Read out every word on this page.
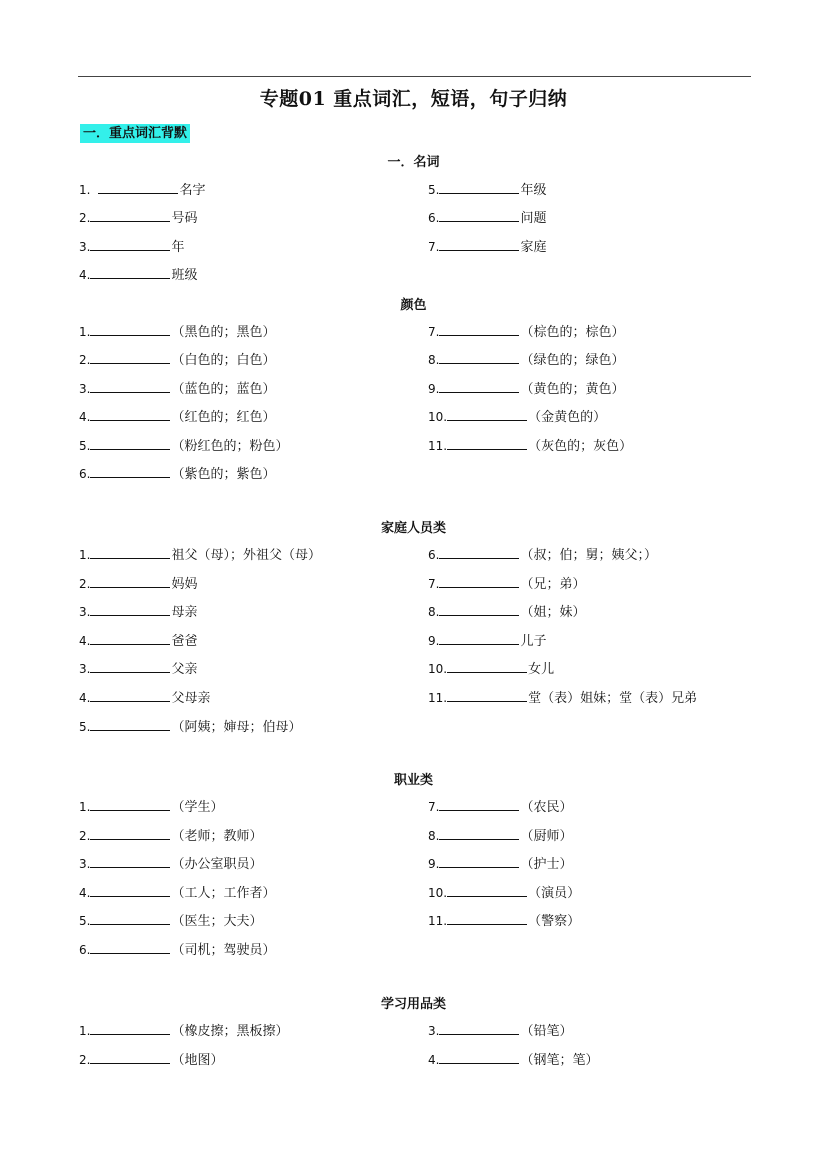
专题01 重点词汇，短语，句子归纳
一．重点词汇背默
一．名词
1.	名字
2.	号码
3.	年
4.	班级
5.	年级
6.	问题
7.	家庭
颜色
1.	（黑色的；黑色）
2.	（白色的；白色）
3.	（蓝色的；蓝色）
4.	（红色的；红色）
5.	（粉红色的；粉色）
6.	（紫色的；紫色）
7.	（棕色的；棕色）
8.	（绿色的；绿色）
9.	（黄色的；黄色）
10.	（金黄色的）
11.	（灰色的；灰色）
家庭人员类
1.	祖父（母）；外祖父（母）
2.	妈妈
3.	母亲
4.	爸爸
3.	父亲
4.	父母亲
5.	（阿姨；婶母；伯母）
6.	（叔；伯；舅；姨父；）
7.	（兄；弟）
8.	（姐；妹）
9.	儿子
10.	女儿
11.	堂（表）姐妹；堂（表）兄弟
职业类
1.	（学生）
2.	（老师；教师）
3.	（办公室职员）
4.	（工人；工作者）
5.	（医生；大夫）
6.	（司机；驾驶员）
7.	（农民）
8.	（厨师）
9.	（护士）
10.	（演员）
11.	（警察）
学习用品类
1.	（橡皮擦；黑板擦）
2.	（地图）
3.	（铅笔）
4.	（钢笔；笔）
